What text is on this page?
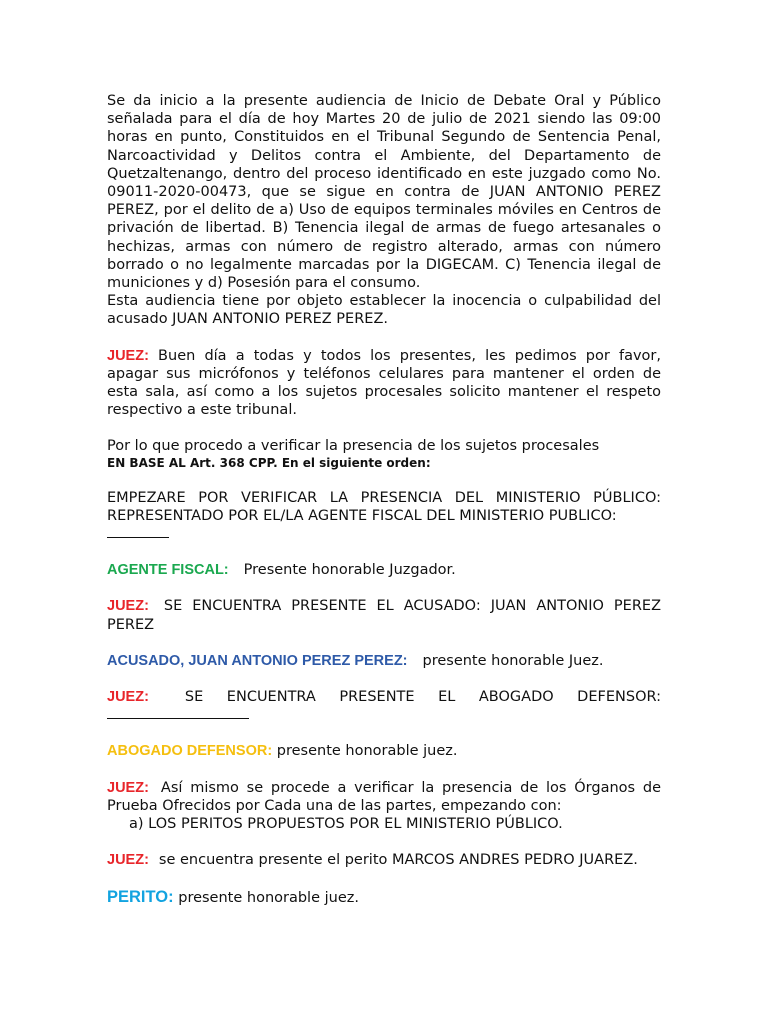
Se da inicio a la presente audiencia de Inicio de Debate Oral y Público señalada para el día de hoy Martes 20 de julio de 2021 siendo las 09:00 horas en punto, Constituidos en el Tribunal Segundo de Sentencia Penal, Narcoactividad y Delitos contra el Ambiente, del Departamento de Quetzaltenango, dentro del proceso identificado en este juzgado como No. 09011-2020-00473, que se sigue en contra de JUAN ANTONIO PEREZ PEREZ, por el delito de a) Uso de equipos terminales móviles en Centros de privación de libertad. B) Tenencia ilegal de armas de fuego artesanales o hechizas, armas con número de registro alterado, armas con número borrado o no legalmente marcadas por la DIGECAM. C) Tenencia ilegal de municiones y d) Posesión para el consumo.

Esta audiencia tiene por objeto establecer la inocencia o culpabilidad del acusado JUAN ANTONIO PEREZ PEREZ.

JUEZ: Buen día a todas y todos los presentes, les pedimos por favor, apagar sus micrófonos y teléfonos celulares para mantener el orden de esta sala, así como a los sujetos procesales solicito mantener el respeto respectivo a este tribunal.

Por lo que procedo a verificar la presencia de los sujetos procesales

EN BASE AL Art. 368 CPP. En el siguiente orden:

EMPEZARE POR VERIFICAR LA PRESENCIA DEL MINISTERIO PÚBLICO: REPRESENTADO POR EL/LA AGENTE FISCAL DEL MINISTERIO PUBLICO:

AGENTE FISCAL: Presente honorable Juzgador.

JUEZ: SE ENCUENTRA PRESENTE EL ACUSADO: JUAN ANTONIO PEREZ PEREZ

ACUSADO, JUAN ANTONIO PEREZ PEREZ: presente honorable Juez.

JUEZ: SE ENCUENTRA PRESENTE EL ABOGADO DEFENSOR:

ABOGADO DEFENSOR: presente honorable juez.

JUEZ: Así mismo se procede a verificar la presencia de los Órganos de Prueba Ofrecidos por Cada una de las partes, empezando con:

a) LOS PERITOS PROPUESTOS POR EL MINISTERIO PÚBLICO.

JUEZ: se encuentra presente el perito MARCOS ANDRES PEDRO JUAREZ.

PERITO: presente honorable juez.
